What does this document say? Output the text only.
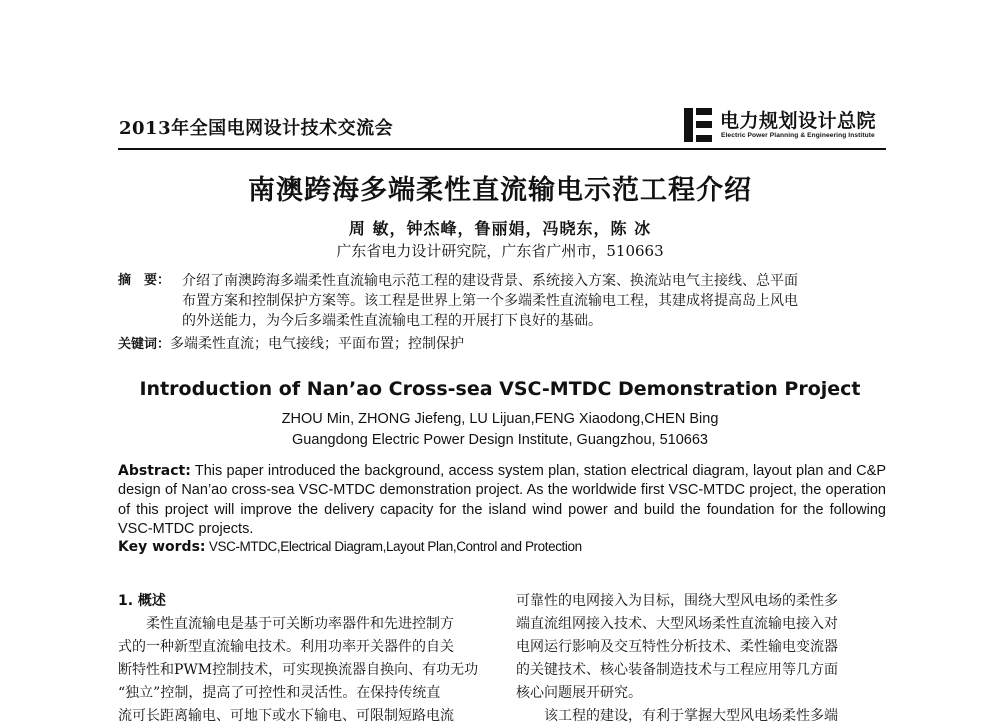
2013年全国电网设计技术交流会	电力规划设计总院
Electric Power Planning & Engineering Institute
南澳跨海多端柔性直流输电示范工程介绍
周 敏，钟杰峰，鲁丽娟，冯晓东，陈 冰
广东省电力设计研究院，广东省广州市，510663
摘　要： 介绍了南澳跨海多端柔性直流输电示范工程的建设背景、系统接入方案、换流站电气主接线、总平面
布置方案和控制保护方案等。该工程是世界上第一个多端柔性直流输电工程，其建成将提高岛上风电
的外送能力，为今后多端柔性直流输电工程的开展打下良好的基础。
关键词：多端柔性直流；电气接线；平面布置；控制保护
Introduction of Nan’ao Cross-sea VSC-MTDC Demonstration Project
ZHOU Min, ZHONG Jiefeng, LU Lijuan,FENG Xiaodong,CHEN Bing
Guangdong Electric Power Design Institute, Guangzhou, 510663
Abstract: This paper introduced the background, access system plan, station electrical diagram, layout plan and C&P design of Nan’ao cross-sea VSC-MTDC demonstration project. As the worldwide first VSC-MTDC project, the operation of this project will improve the delivery capacity for the island wind power and build the foundation for the following VSC-MTDC projects.
Key words: VSC-MTDC,Electrical Diagram,Layout Plan,Control and Protection
1. 概述
柔性直流输电是基于可关断功率器件和先进控制方
式的一种新型直流输电技术。利用功率开关器件的自关
断特性和PWM控制技术，可实现换流器自换向、有功无功
“独立”控制，提高了可控性和灵活性。在保持传统直
流可长距离输电、可地下或水下输电、可限制短路电流
可靠性的电网接入为目标，围绕大型风电场的柔性多
端直流组网接入技术、大型风场柔性直流输电接入对
电网运行影响及交互特性分析技术、柔性输电变流器
的关键技术、核心装备制造技术与工程应用等几方面
核心问题展开研究。
该工程的建设，有利于掌握大型风电场柔性多端
